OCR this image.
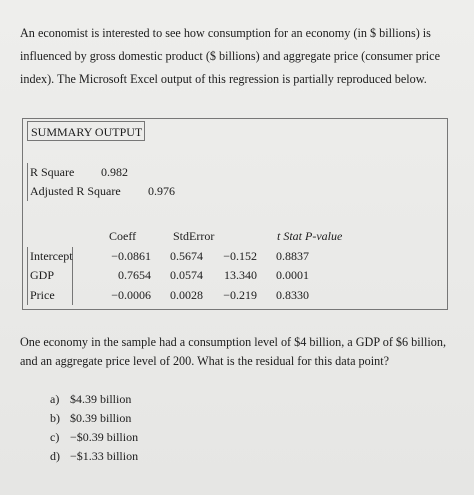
An economist is interested to see how consumption for an economy (in $ billions) is influenced by gross domestic product ($ billions) and aggregate price (consumer price index). The Microsoft Excel output of this regression is partially reproduced below.

SUMMARY OUTPUT
R Square 0.982
Adjusted R Square 0.976
Coeff	StdError	t Stat P-value
Intercept	−0.0861	0.5674	−0.152	0.8837
GDP	0.7654	0.0574	13.340	0.0001
Price	−0.0006	0.0028	−0.219	0.8330

One economy in the sample had a consumption level of $4 billion, a GDP of $6 billion, and an aggregate price level of 200. What is the residual for this data point?

a) $4.39 billion
b) $0.39 billion
c) −$0.39 billion
d) −$1.33 billion
